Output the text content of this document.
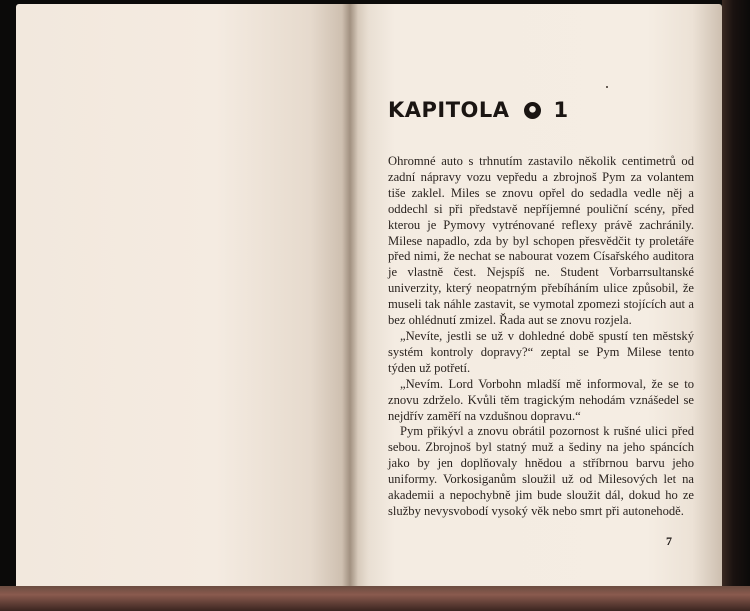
KAPITOLA 1

Ohromné auto s trhnutím zastavilo několik centimetrů od zadní nápravy vozu vepředu a zbrojnoš Pym za volantem tiše zaklel. Miles se znovu opřel do sedadla vedle něj a oddechl si při představě nepříjemné pouliční scény, před kterou je Pymovy vytrénované reflexy právě zachránily. Milese napadlo, zda by byl schopen přesvědčit ty proletáře před nimi, že nechat se nabourat vozem Císařského auditora je vlastně čest. Nejspíš ne. Student Vorbarrsultanské univerzity, který neopatrným přebíháním ulice způsobil, že museli tak náhle zastavit, se vymotal zpomezi stojících aut a bez ohlédnutí zmizel. Řada aut se znovu rozjela.

„Nevíte, jestli se už v dohledné době spustí ten městský systém kontroly dopravy?“ zeptal se Pym Milese tento týden už potřetí.

„Nevím. Lord Vorbohn mladší mě informoval, že se to znovu zdrželo. Kvůli těm tragickým nehodám vznášedel se nejdřív zaměří na vzdušnou dopravu.“

Pym přikývl a znovu obrátil pozornost k rušné ulici před sebou. Zbrojnoš byl statný muž a šediny na jeho spáncích jako by jen doplňovaly hnědou a stříbrnou barvu jeho uniformy. Vorkosiganům sloužil už od Milesových let na akademii a nepochybně jim bude sloužit dál, dokud ho ze služby nevysvobodí vysoký věk nebo smrt při autonehodě.

7
